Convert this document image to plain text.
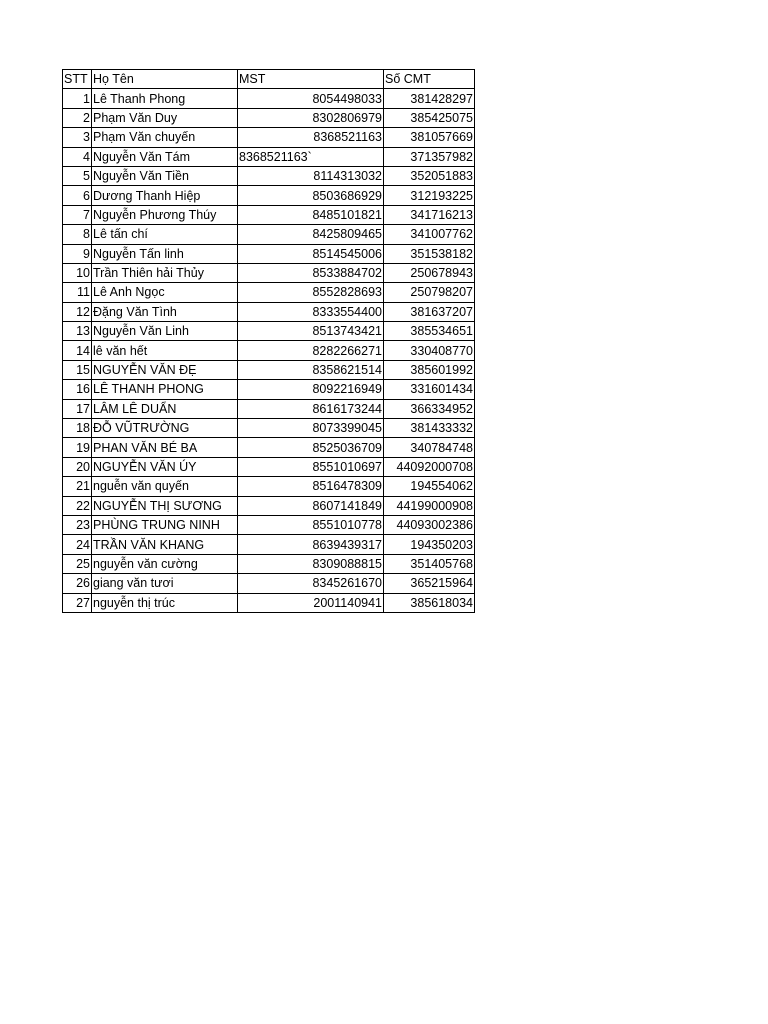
STT	Họ Tên	MST	Số CMT
1	Lê Thanh Phong	8054498033	381428297
2	Phạm Văn Duy	8302806979	385425075
3	Phạm Văn chuyến	8368521163	381057669
4	Nguyễn Văn Tám	8368521163`	371357982
5	Nguyễn Văn Tiền	8114313032	352051883
6	Dương Thanh Hiệp	8503686929	312193225
7	Nguyễn Phương Thúy	8485101821	341716213
8	Lê tấn chí	8425809465	341007762
9	Nguyễn Tấn linh	8514545006	351538182
10	Trần Thiên hải Thủy	8533884702	250678943
11	Lê Anh Ngọc	8552828693	250798207
12	Đặng Văn Tình	8333554400	381637207
13	Nguyễn Văn Linh	8513743421	385534651
14	lê văn hết	8282266271	330408770
15	NGUYỄN VĂN ĐẸ	8358621514	385601992
16	LÊ THANH PHONG	8092216949	331601434
17	LÂM LÊ DUẨN	8616173244	366334952
18	ĐỖ VŨTRƯỜNG	8073399045	381433332
19	PHAN VĂN BÉ BA	8525036709	340784748
20	NGUYỄN VĂN ÚY	8551010697	44092000708
21	nguễn văn quyến	8516478309	194554062
22	NGUYỄN THỊ SƯƠNG	8607141849	44199000908
23	PHÙNG TRUNG NINH	8551010778	44093002386
24	TRẦN VĂN KHANG	8639439317	194350203
25	nguyễn văn cường	8309088815	351405768
26	giang văn tươi	8345261670	365215964
27	nguyễn thị trúc	2001140941	385618034
